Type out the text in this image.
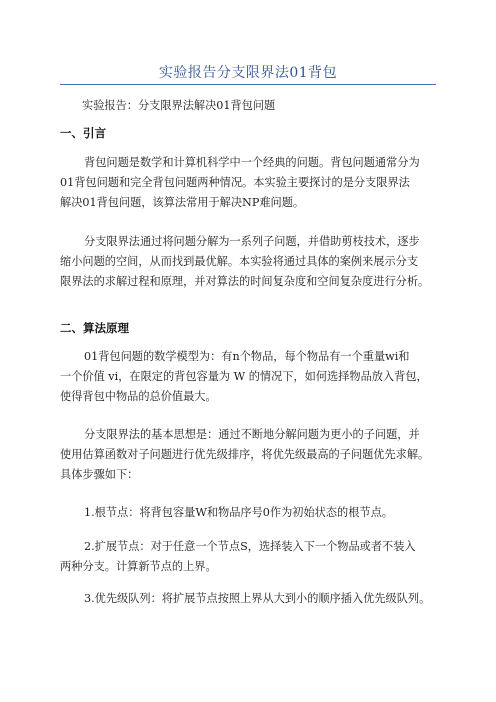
实验报告分支限界法01背包

实验报告：分支限界法解决01背包问题

一、引言

背包问题是数学和计算机科学中一个经典的问题。背包问题通常分为
01背包问题和完全背包问题两种情况。本实验主要探讨的是分支限界法
解决01背包问题，该算法常用于解决NP难问题。

分支限界法通过将问题分解为一系列子问题，并借助剪枝技术，逐步
缩小问题的空间，从而找到最优解。本实验将通过具体的案例来展示分支
限界法的求解过程和原理，并对算法的时间复杂度和空间复杂度进行分析。

二、算法原理

01背包问题的数学模型为：有n个物品，每个物品有一个重量wi和
一个价值 vi，在限定的背包容量为 W 的情况下，如何选择物品放入背包，
使得背包中物品的总价值最大。

分支限界法的基本思想是：通过不断地分解问题为更小的子问题，并
使用估算函数对子问题进行优先级排序，将优先级最高的子问题优先求解。
具体步骤如下：

1.根节点：将背包容量W和物品序号0作为初始状态的根节点。

2.扩展节点：对于任意一个节点S，选择装入下一个物品或者不装入
两种分支。计算新节点的上界。

3.优先级队列：将扩展节点按照上界从大到小的顺序插入优先级队列。
